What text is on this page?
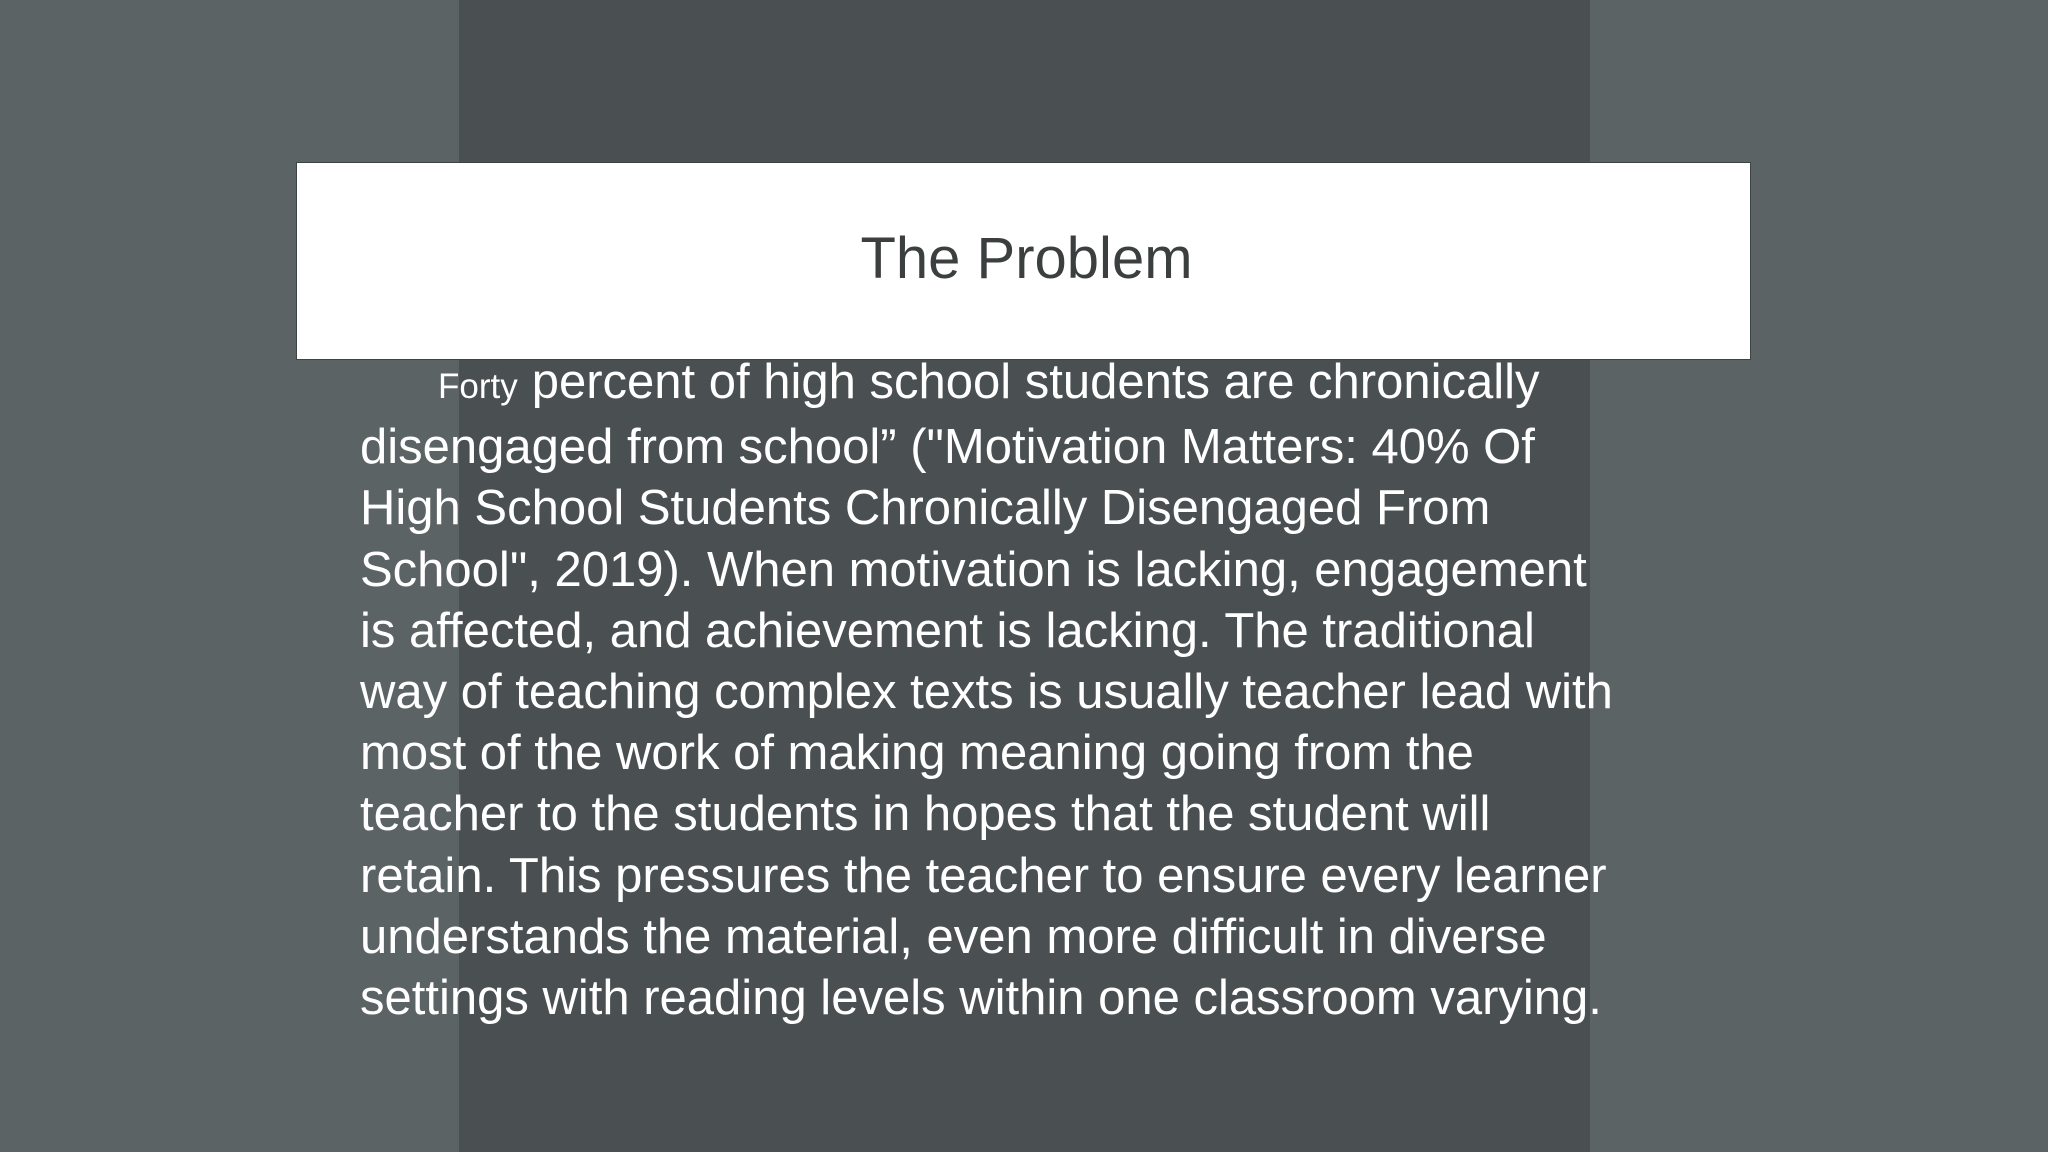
The Problem

Forty percent of high school students are chronically
disengaged from school” ("Motivation Matters: 40% Of
High School Students Chronically Disengaged From
School", 2019). When motivation is lacking, engagement
is affected, and achievement is lacking. The traditional
way of teaching complex texts is usually teacher lead with
most of the work of making meaning going from the
teacher to the students in hopes that the student will
retain. This pressures the teacher to ensure every learner
understands the material, even more difficult in diverse
settings with reading levels within one classroom varying.
